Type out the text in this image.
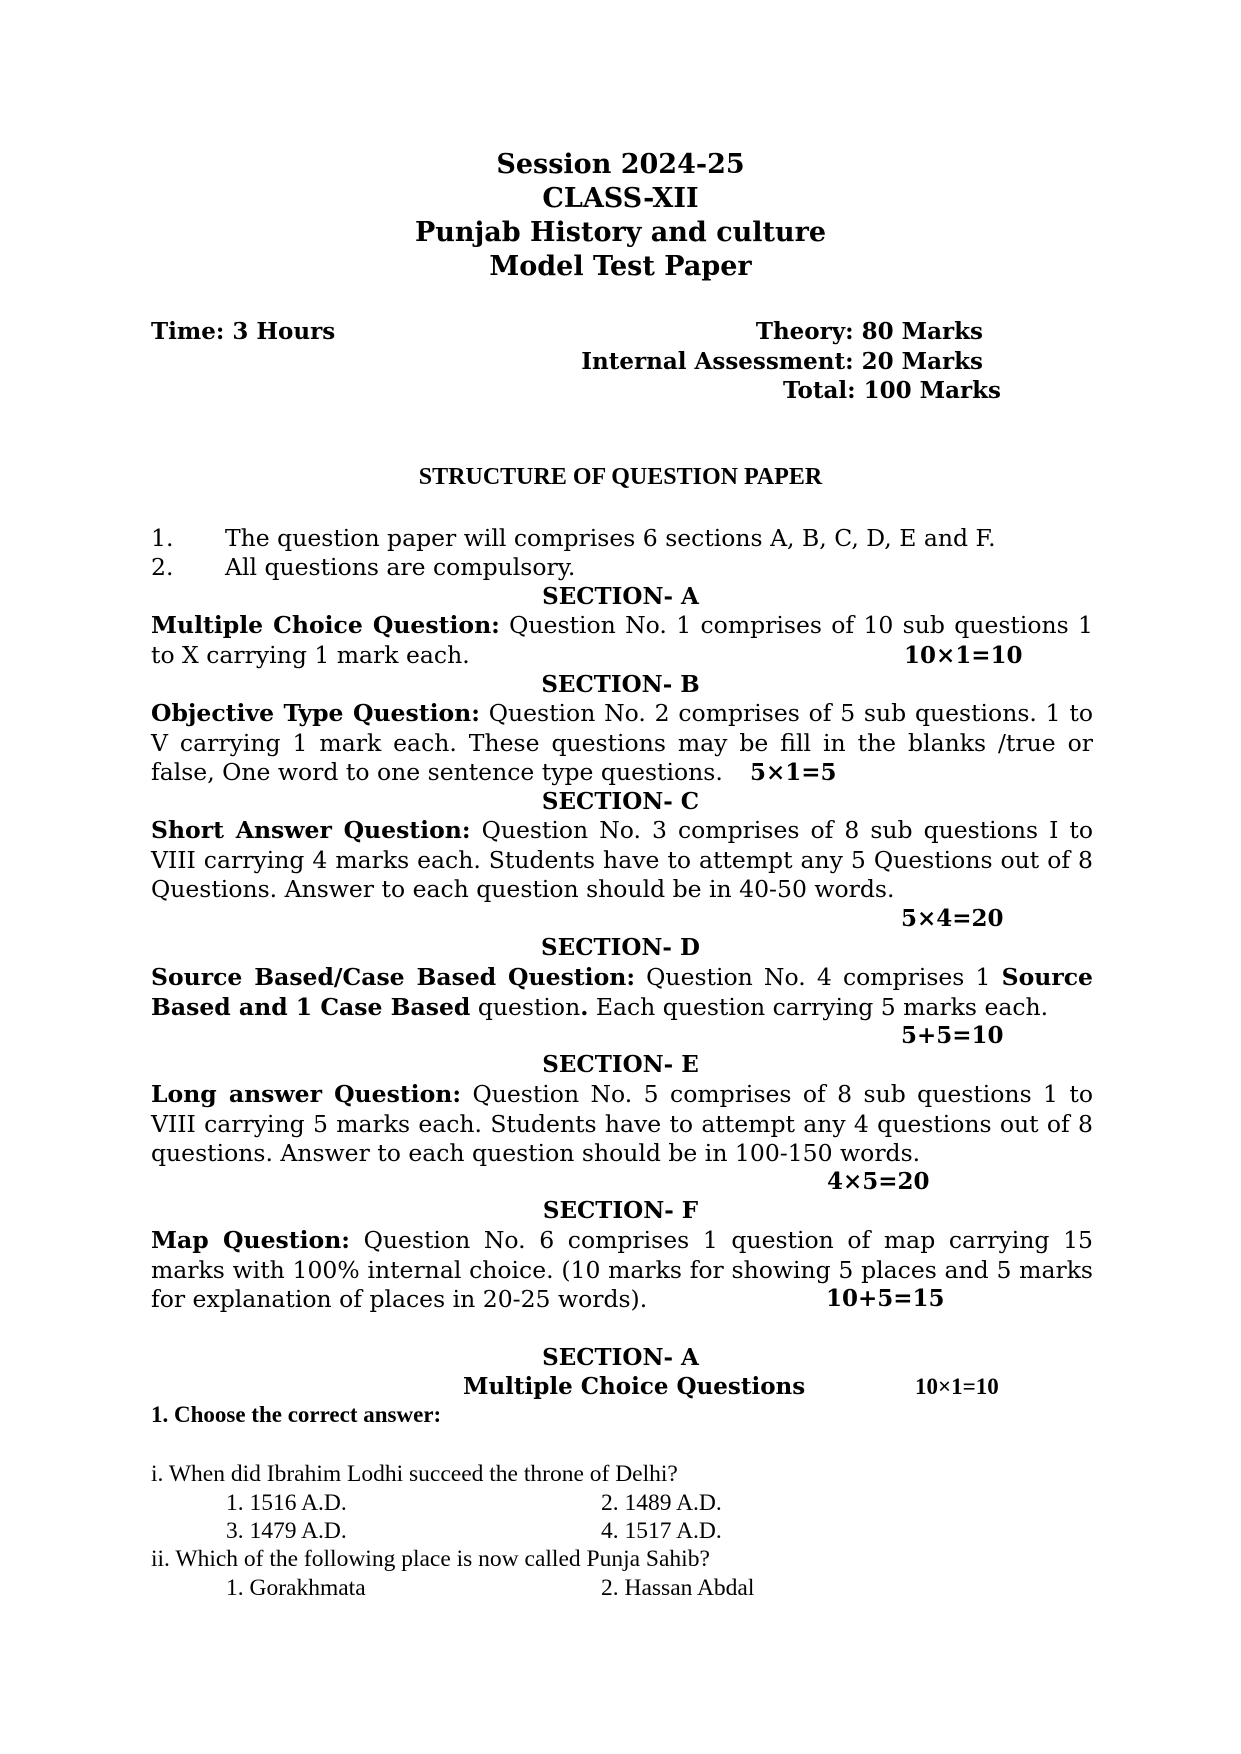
Session 2024-25
CLASS-XII
Punjab History and culture
Model Test Paper
Time: 3 Hours	Theory: 80 Marks
Internal Assessment: 20 Marks
Total: 100 Marks
STRUCTURE OF QUESTION PAPER
1. The question paper will comprises 6 sections A, B, C, D, E and F.
2. All questions are compulsory.
SECTION- A
Multiple Choice Question: Question No. 1 comprises of 10 sub questions 1 to X carrying 1 mark each.	10×1=10
SECTION- B
Objective Type Question: Question No. 2 comprises of 5 sub questions. 1 to V carrying 1 mark each. These questions may be fill in the blanks /true or false, One word to one sentence type questions.	5×1=5
SECTION- C
Short Answer Question: Question No. 3 comprises of 8 sub questions I to VIII carrying 4 marks each. Students have to attempt any 5 Questions out of 8 Questions. Answer to each question should be in 40-50 words.
5×4=20
SECTION- D
Source Based/Case Based Question: Question No. 4 comprises 1 Source Based and 1 Case Based question. Each question carrying 5 marks each.
5+5=10
SECTION- E
Long answer Question: Question No. 5 comprises of 8 sub questions 1 to VIII carrying 5 marks each. Students have to attempt any 4 questions out of 8 questions. Answer to each question should be in 100-150 words.
4×5=20
SECTION- F
Map Question: Question No. 6 comprises 1 question of map carrying 15 marks with 100% internal choice. (10 marks for showing 5 places and 5 marks for explanation of places in 20-25 words).	10+5=15
SECTION- A
Multiple Choice Questions	10×1=10
1. Choose the correct answer:
i. When did Ibrahim Lodhi succeed the throne of Delhi?
1. 1516 A.D.	2. 1489 A.D.
3. 1479 A.D.	4. 1517 A.D.
ii. Which of the following place is now called Punja Sahib?
1. Gorakhmata	2. Hassan Abdal
